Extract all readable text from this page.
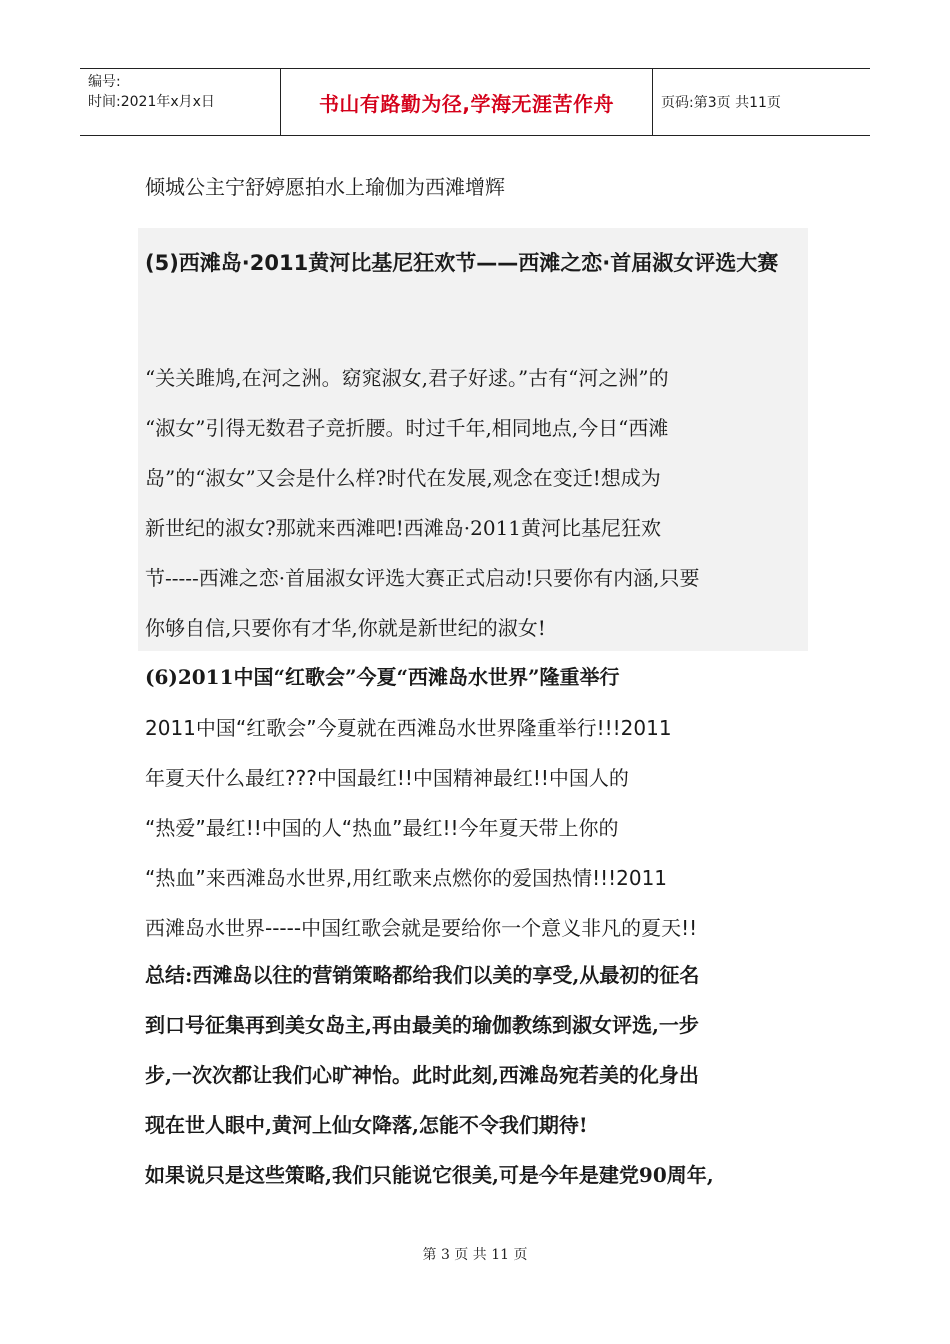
编号:
时间:2021年x月x日	书山有路勤为径,学海无涯苦作舟	页码:第3页 共11页

倾城公主宁舒婷愿拍水上瑜伽为西滩增辉

(5)西滩岛·2011黄河比基尼狂欢节——西滩之恋·首届淑女评选大赛

“关关雎鸠,在河之洲。窈窕淑女,君子好逑。”古有“河之洲”的
“淑女”引得无数君子竞折腰。时过千年,相同地点,今日“西滩
岛”的“淑女”又会是什么样?时代在发展,观念在变迁!想成为
新世纪的淑女?那就来西滩吧!西滩岛·2011黄河比基尼狂欢
节-----西滩之恋·首届淑女评选大赛正式启动!只要你有内涵,只要
你够自信,只要你有才华,你就是新世纪的淑女!

(6)2011中国“红歌会”今夏“西滩岛水世界”隆重举行

2011中国“红歌会”今夏就在西滩岛水世界隆重举行!!!2011
年夏天什么最红???中国最红!!中国精神最红!!中国人的
“热爱”最红!!中国的人“热血”最红!!今年夏天带上你的
“热血”来西滩岛水世界,用红歌来点燃你的爱国热情!!!2011
西滩岛水世界-----中国红歌会就是要给你一个意义非凡的夏天!!
总结:西滩岛以往的营销策略都给我们以美的享受,从最初的征名
到口号征集再到美女岛主,再由最美的瑜伽教练到淑女评选,一步
步,一次次都让我们心旷神怡。此时此刻,西滩岛宛若美的化身出
现在世人眼中,黄河上仙女降落,怎能不令我们期待!
如果说只是这些策略,我们只能说它很美,可是今年是建党90周年,
第 3 页 共 11 页
